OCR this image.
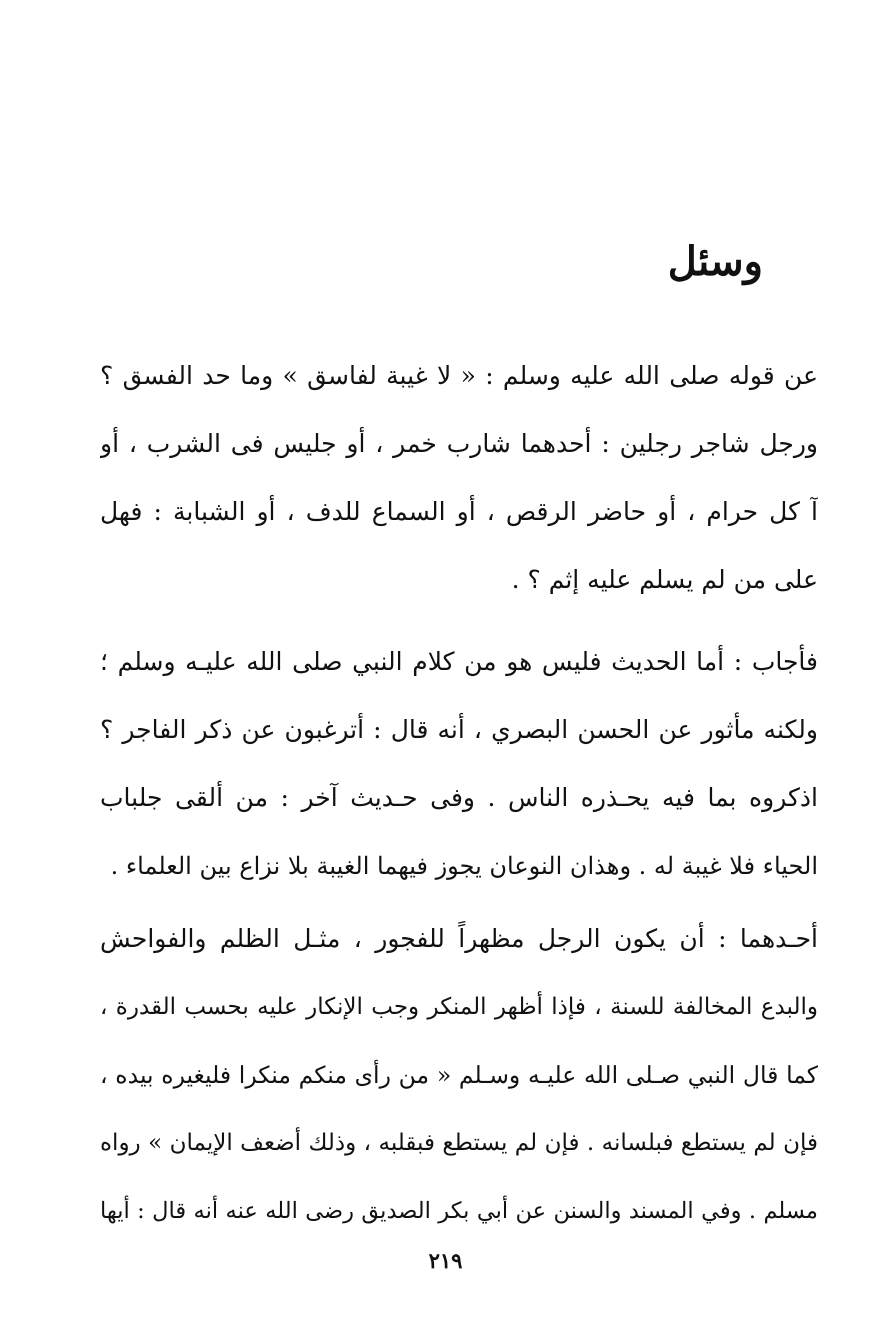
وسئل
عن قوله صلى الله عليه وسلم : « لا غيبة لفاسق » وما حد الفسق ؟
ورجل شاجر رجلين : أحدهما شارب خمر ، أو جليس فى الشرب ، أو
آ كل حرام ، أو حاضر الرقص ، أو السماع للدف ، أو الشبابة : فهل
على من لم يسلم عليه إثم ؟ .
فأجاب : أما الحديث فليس هو من كلام النبي صلى الله عليـه وسلم ؛
ولكنه مأثور عن الحسن البصري ، أنه قال : أترغبون عن ذكر الفاجر ؟
اذكروه بما فيه يحـذره الناس . وفى حـديث آخر : من ألقى جلباب
الحياء فلا غيبة له . وهذان النوعان يجوز فيهما الغيبة بلا نزاع بين العلماء .
أحـدهما : أن يكون الرجل مظهراً للفجور ، مثـل الظلم والفواحش
والبدع المخالفة للسنة ، فإذا أظهر المنكر وجب الإنكار عليه بحسب القدرة ،
كما قال النبي صـلى الله عليـه وسـلم « من رأى منكم منكرا فليغيره بيده ،
فإن لم يستطع فبلسانه . فإن لم يستطع فبقلبه ، وذلك أضعف الإيمان » رواه
مسلم . وفي المسند والسنن عن أبي بكر الصديق رضى الله عنه أنه قال : أيها
٢١٩
